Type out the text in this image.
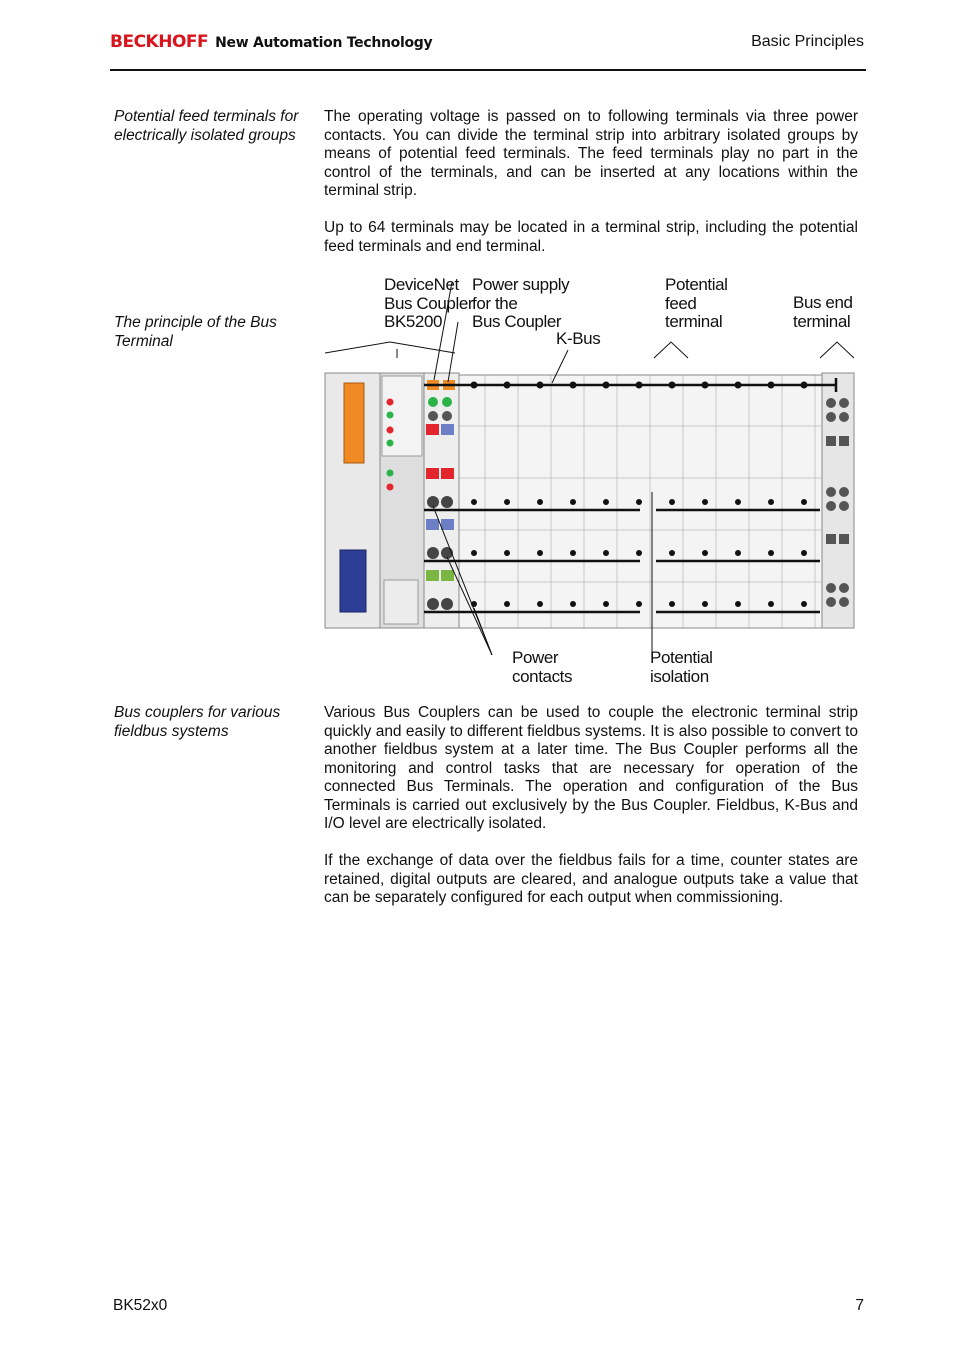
BECKHOFF New Automation Technology	Basic Principles
Potential feed terminals for electrically isolated groups

The operating voltage is passed on to following terminals via three power contacts. You can divide the terminal strip into arbitrary isolated groups by means of potential feed terminals. The feed terminals play no part in the control of the terminals, and can be inserted at any locations within the terminal strip.

Up to 64 terminals may be located in a terminal strip, including the potential feed terminals and end terminal.

The principle of the Bus Terminal
DeviceNet
Bus Coupler
BK5200
Power supply
for the
Bus Coupler
K-Bus
Potential
feed
terminal
Bus end
terminal
Power
contacts
Potential
isolation
Bus couplers for various fieldbus systems

Various Bus Couplers can be used to couple the electronic terminal strip quickly and easily to different fieldbus systems. It is also possible to convert to another fieldbus system at a later time. The Bus Coupler performs all the monitoring and control tasks that are necessary for operation of the connected Bus Terminals. The operation and configuration of the Bus Terminals is carried out exclusively by the Bus Coupler. Fieldbus, K-Bus and I/O level are electrically isolated.

If the exchange of data over the fieldbus fails for a time, counter states are retained, digital outputs are cleared, and analogue outputs take a value that can be separately configured for each output when commissioning.

BK52x0	7
